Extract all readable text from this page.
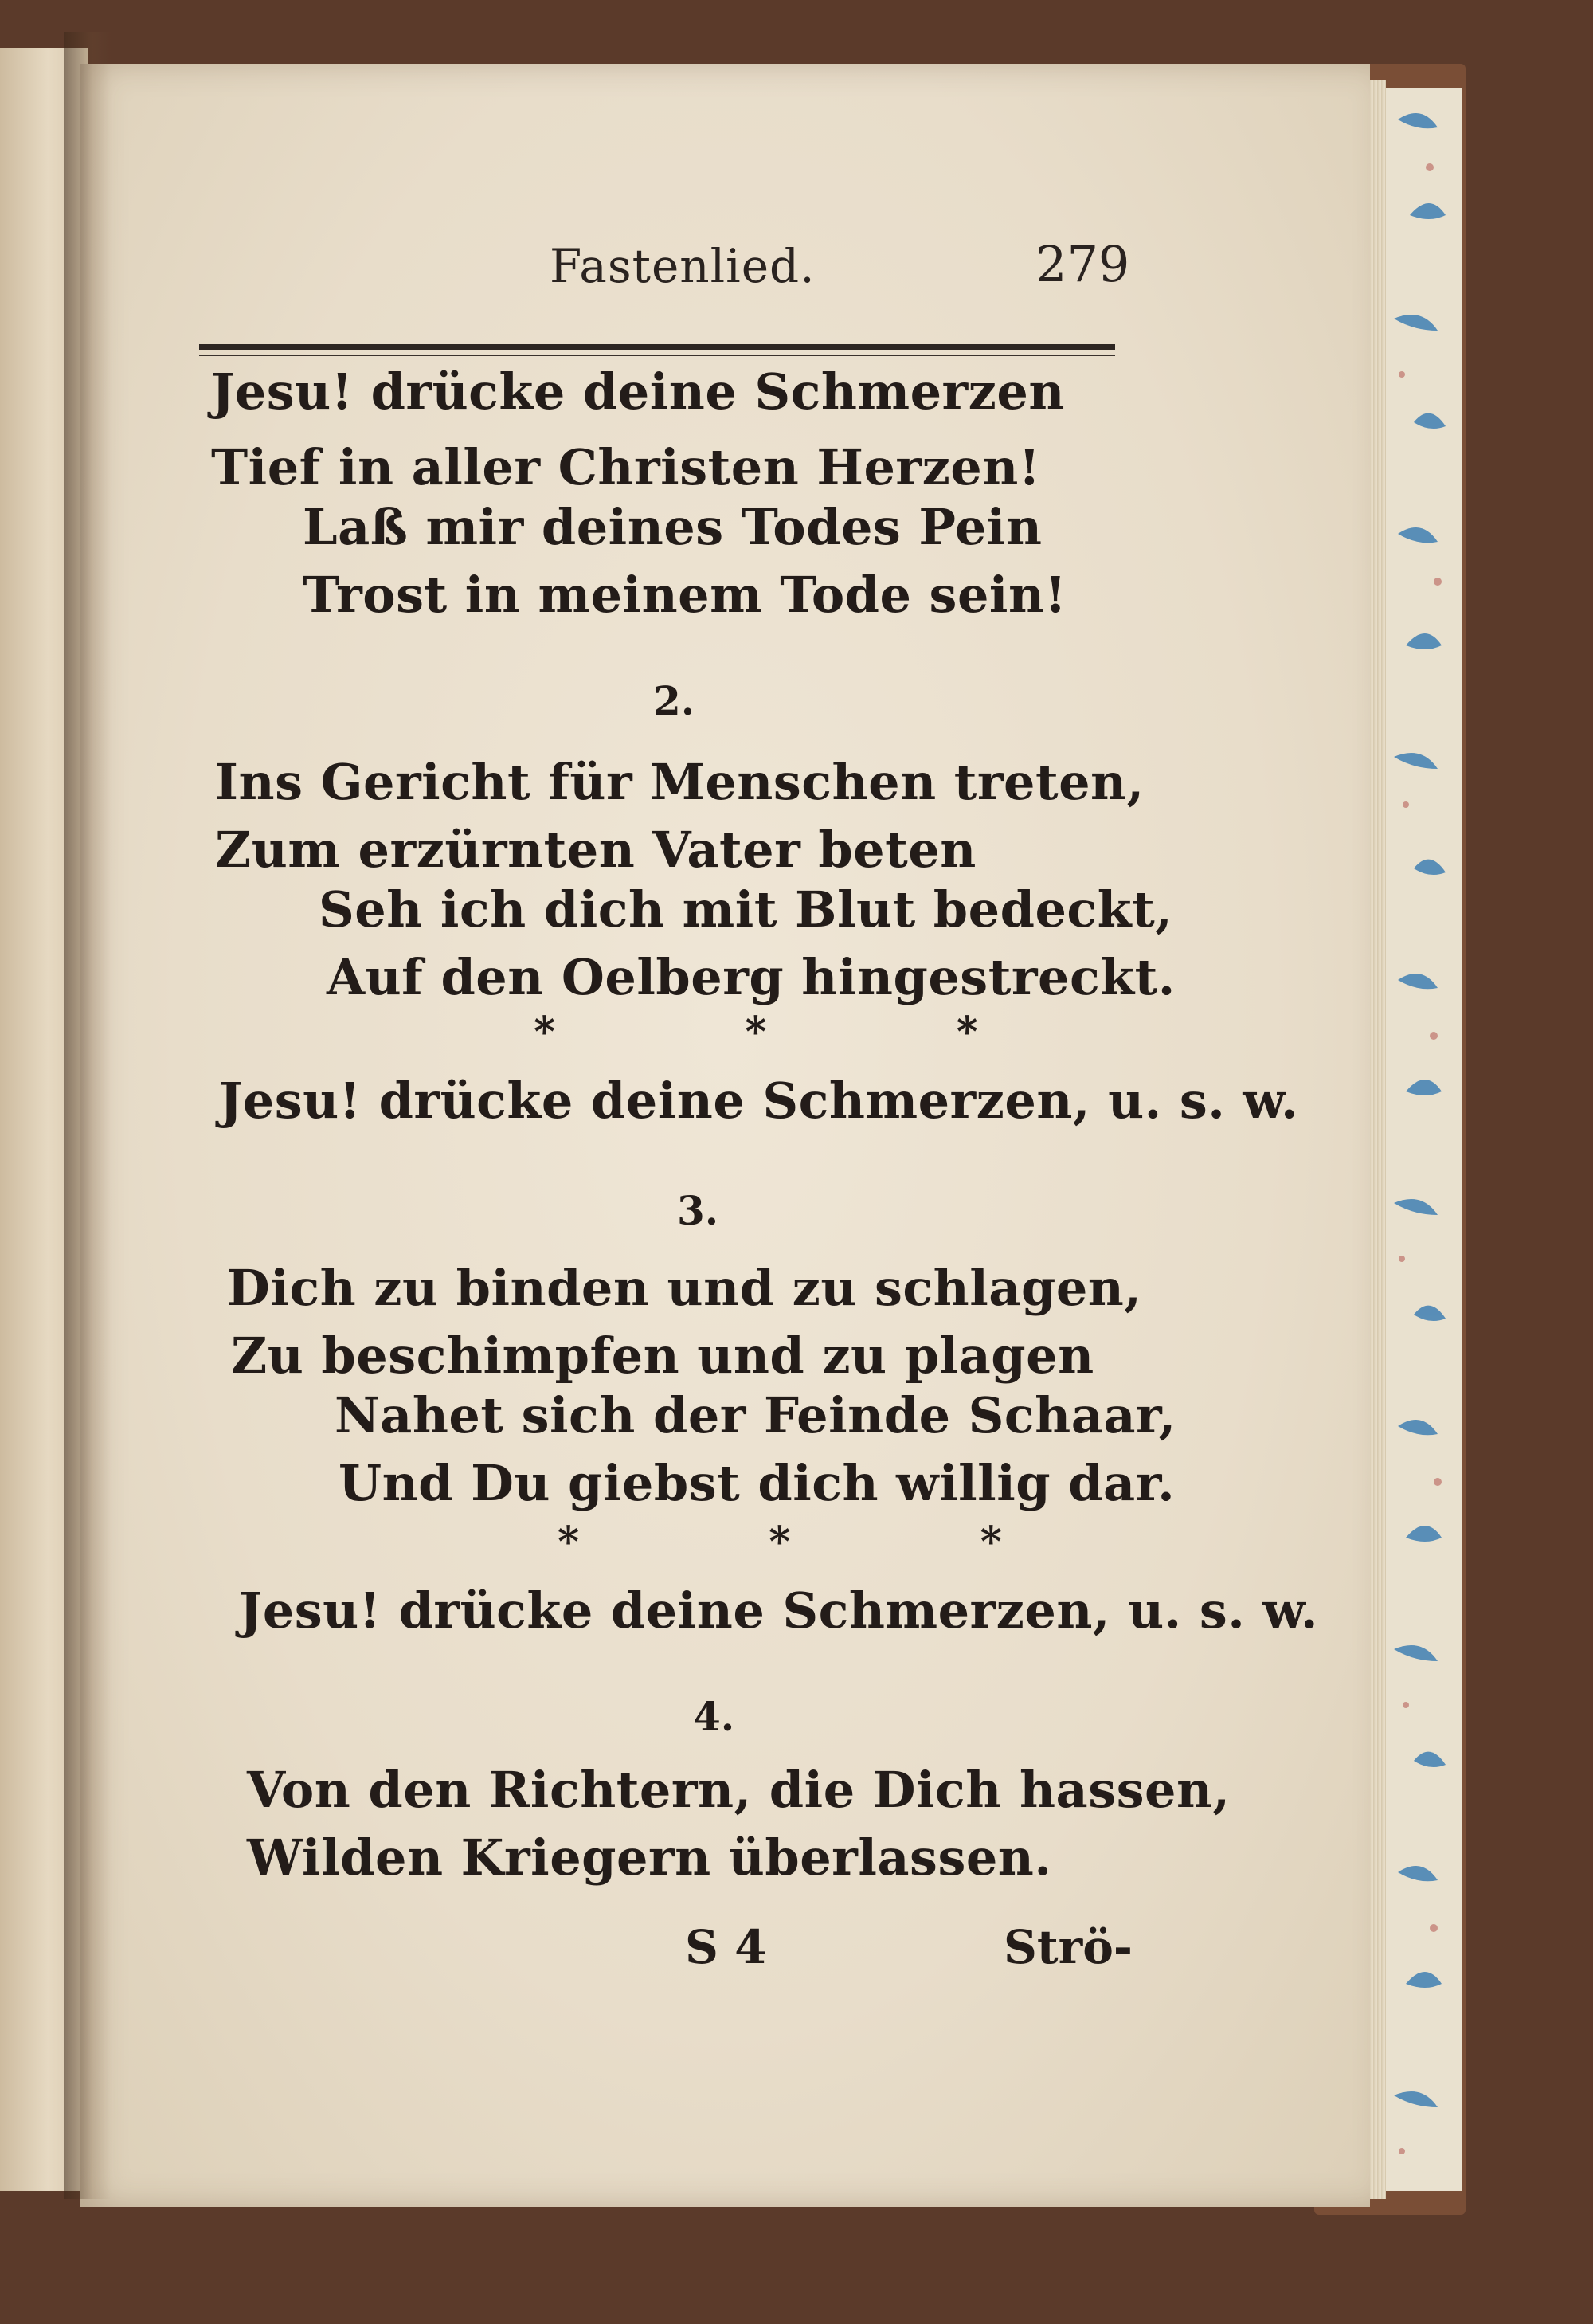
Fastenlied.	279
Jesu! drücke deine Schmerzen
Tief in aller Christen Herzen!
Laß mir deines Todes Pein
Trost in meinem Tode sein!
2.
Ins Gericht für Menschen treten,
Zum erzürnten Vater beten
Seh ich dich mit Blut bedeckt,
Auf den Oelberg hingestreckt.
* * *
Jesu! drücke deine Schmerzen, u. s. w.
3.
Dich zu binden und zu schlagen,
Zu beschimpfen und zu plagen
Nahet sich der Feinde Schaar,
Und Du giebst dich willig dar.
* * *
Jesu! drücke deine Schmerzen, u. s. w.
4.
Von den Richtern, die Dich hassen,
Wilden Kriegern überlassen.
S 4	Strö-
